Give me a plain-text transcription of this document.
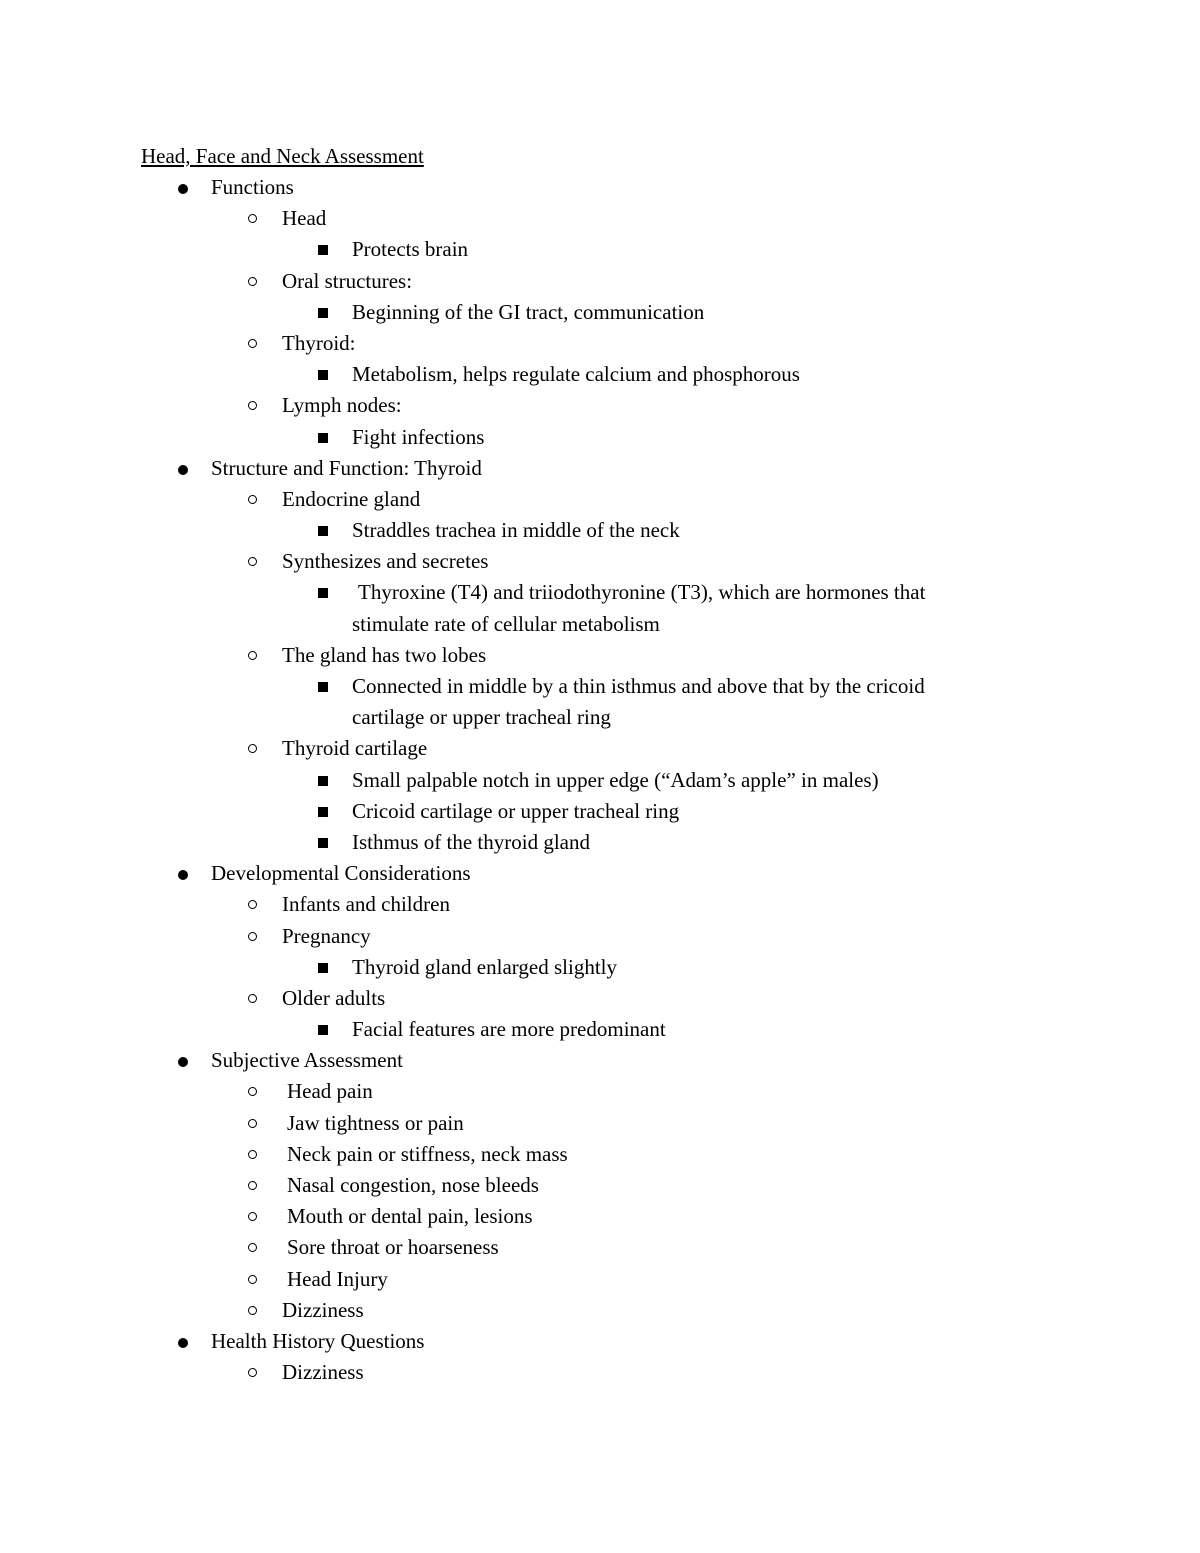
Head, Face and Neck Assessment
Functions
Head
Protects brain
Oral structures:
Beginning of the GI tract, communication
Thyroid:
Metabolism, helps regulate calcium and phosphorous
Lymph nodes:
Fight infections
Structure and Function: Thyroid
Endocrine gland
Straddles trachea in middle of the neck
Synthesizes and secretes
Thyroxine (T4) and triiodothyronine (T3), which are hormones that
stimulate rate of cellular metabolism
The gland has two lobes
Connected in middle by a thin isthmus and above that by the cricoid
cartilage or upper tracheal ring
Thyroid cartilage
Small palpable notch in upper edge (“Adam’s apple” in males)
Cricoid cartilage or upper tracheal ring
Isthmus of the thyroid gland
Developmental Considerations
Infants and children
Pregnancy
Thyroid gland enlarged slightly
Older adults
Facial features are more predominant
Subjective Assessment
Head pain
Jaw tightness or pain
Neck pain or stiffness, neck mass
Nasal congestion, nose bleeds
Mouth or dental pain, lesions
Sore throat or hoarseness
Head Injury
Dizziness
Health History Questions
Dizziness
